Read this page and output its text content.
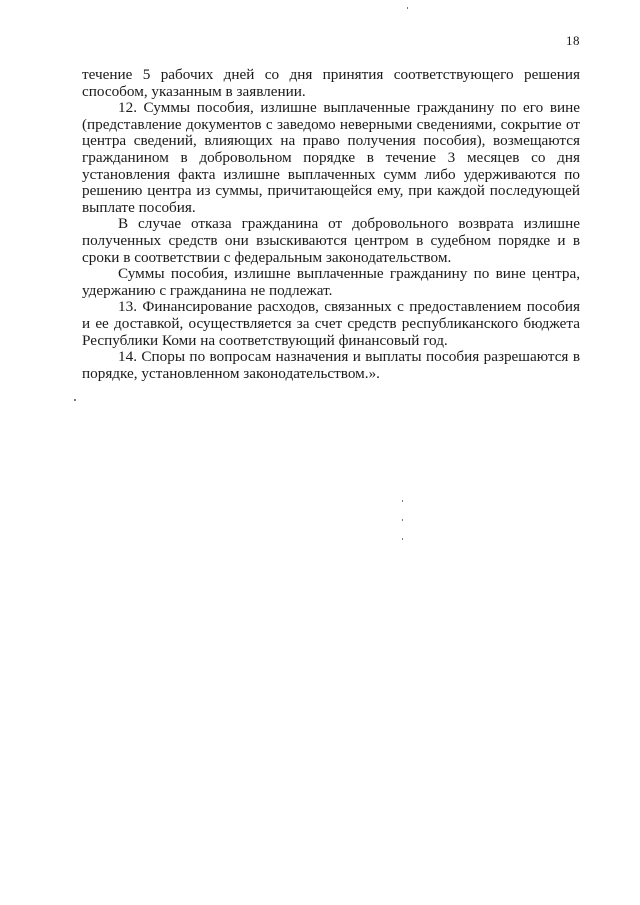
18

течение 5 рабочих дней со дня принятия соответствующего решения способом, указанным в заявлении.

12. Суммы пособия, излишне выплаченные гражданину по его вине (представление документов с заведомо неверными сведениями, сокрытие от центра сведений, влияющих на право получения пособия), возмещаются гражданином в добровольном порядке в течение 3 месяцев со дня установления факта излишне выплаченных сумм либо удерживаются по решению центра из суммы, причитающейся ему, при каждой последующей выплате пособия.

В случае отказа гражданина от добровольного возврата излишне полученных средств они взыскиваются центром в судебном порядке и в сроки в соответствии с федеральным законодательством.

Суммы пособия, излишне выплаченные гражданину по вине центра, удержанию с гражданина не подлежат.

13. Финансирование расходов, связанных с предоставлением пособия и ее доставкой, осуществляется за счет средств республиканского бюджета Республики Коми на соответствующий финансовый год.

14. Споры по вопросам назначения и выплаты пособия разрешаются в порядке, установленном законодательством.».
